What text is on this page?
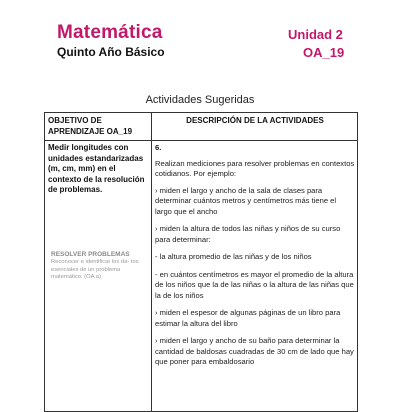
Matemática
Quinto Año Básico
Unidad 2
OA_19
Actividades Sugeridas
OBJETIVO DE APRENDIZAJE OA_19
DESCRIPCIÓN DE LA ACTIVIDADES
Medir longitudes con unidades estandarizadas (m, cm, mm) en el contexto de la resolución de problemas.
RESOLVER PROBLEMAS
Reconocer e identificar los da- tos esenciales de un problema matemático. (OA a)
6.

Realizan mediciones para resolver problemas en contextos cotidianos. Por ejemplo:

› miden el largo y ancho de la sala de clases para determinar cuántos metros y centímetros más tiene el largo que el ancho
› miden la altura de todos las niñas y niños de su curso para determinar:
- la altura promedio de las niñas y de los niños
- en cuántos centímetros es mayor el promedio de la altura de los niños que la de las niñas o la altura de las niñas que la de los niños
› miden el espesor de algunas páginas de un libro para estimar la altura del libro
› miden el largo y ancho de su baño para determinar la cantidad de baldosas cuadradas de 30 cm de lado que hay que poner para embaldosario
